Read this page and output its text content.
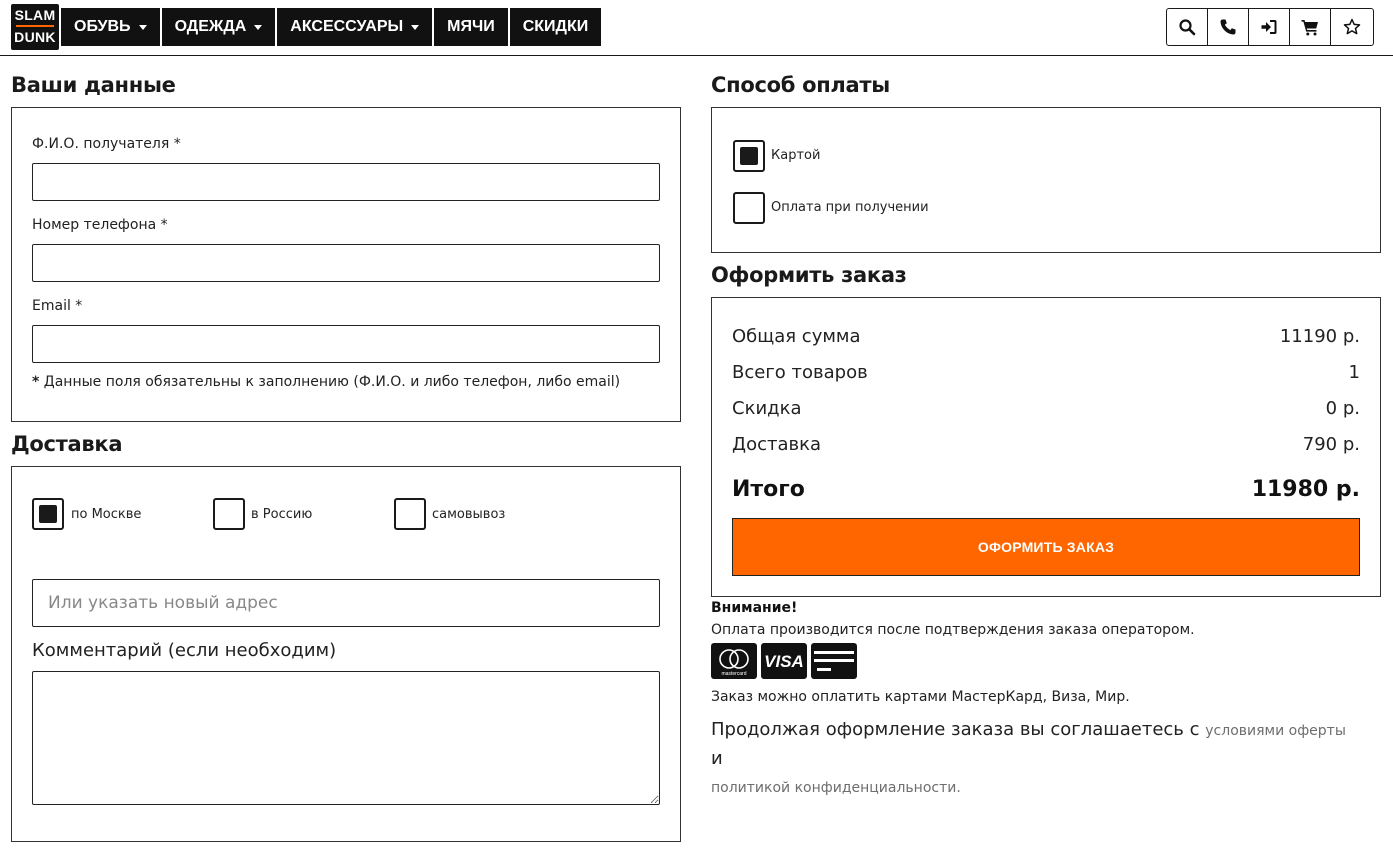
SLAM
DUNK
ОБУВЬ	ОДЕЖДА	АКСЕССУАРЫ	МЯЧИ СКИДКИ
Ваши данные
Ф.И.О. получателя *
Номер телефона *
Email *
* Данные поля обязательны к заполнению (Ф.И.О. и либо телефон, либо email)
Доставка
по Москве	в Россию	самовывоз
Или указать новый адрес
Комментарий (если необходим)
Способ оплаты
Картой
Оплата при получении
Оформить заказ
Общая сумма	11190 р.
Всего товаров	1
Скидка	0 р.
Доставка	790 р.
Итого	11980 р.
ОФОРМИТЬ ЗАКАЗ
Внимание!
Оплата производится после подтверждения заказа оператором.
mastercard
VISA
Заказ можно оплатить картами МастерКард, Виза, Мир.
Продолжая оформление заказа вы соглашаетесь с условиями оферты и
политикой конфиденциальности.
